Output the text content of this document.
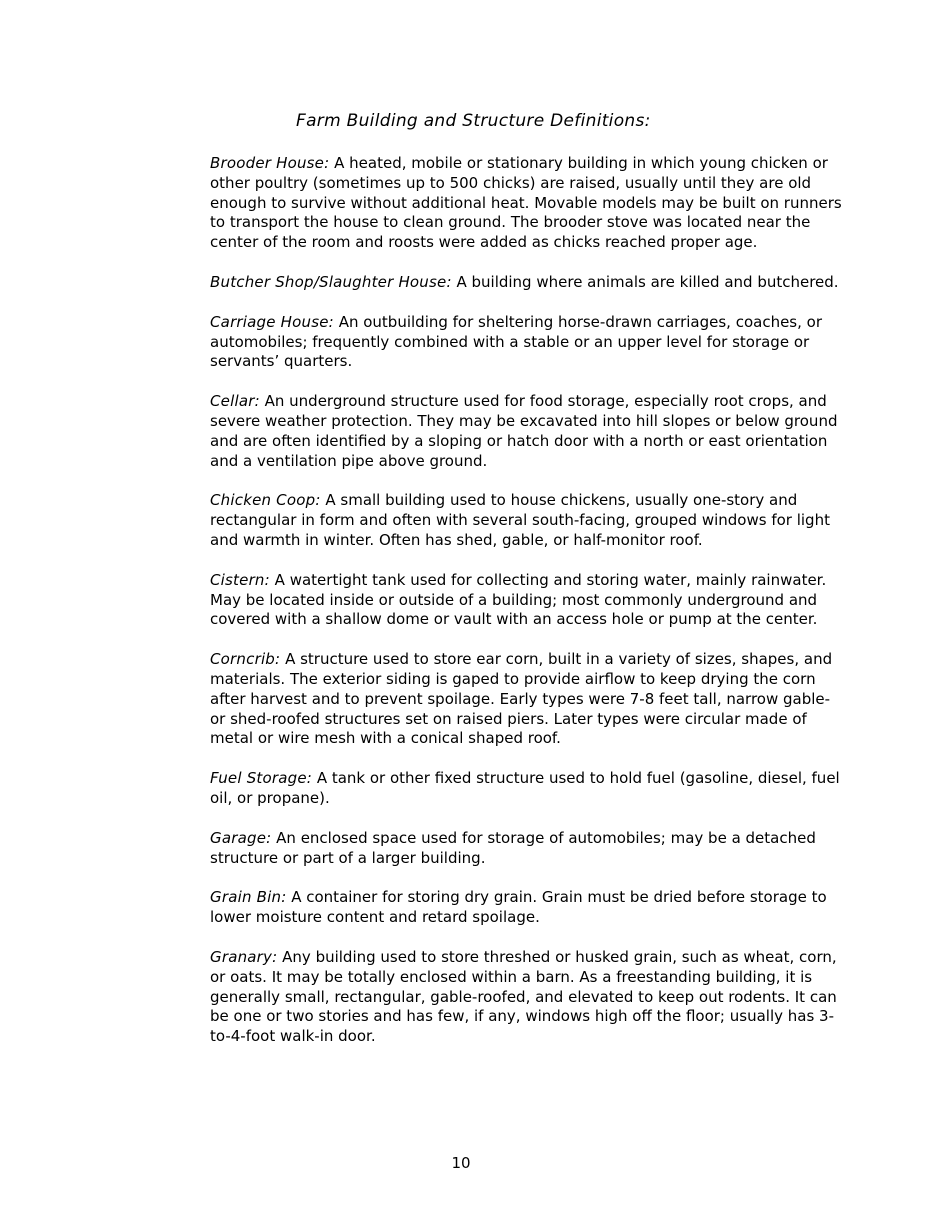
Farm Building and Structure Definitions:

Brooder House: A heated, mobile or stationary building in which young chicken or other poultry (sometimes up to 500 chicks) are raised, usually until they are old enough to survive without additional heat. Movable models may be built on runners to transport the house to clean ground. The brooder stove was located near the center of the room and roosts were added as chicks reached proper age.

Butcher Shop/Slaughter House: A building where animals are killed and butchered.

Carriage House: An outbuilding for sheltering horse-drawn carriages, coaches, or automobiles; frequently combined with a stable or an upper level for storage or servants’ quarters.

Cellar: An underground structure used for food storage, especially root crops, and severe weather protection. They may be excavated into hill slopes or below ground and are often identified by a sloping or hatch door with a north or east orientation and a ventilation pipe above ground.

Chicken Coop: A small building used to house chickens, usually one-story and rectangular in form and often with several south-facing, grouped windows for light and warmth in winter. Often has shed, gable, or half-monitor roof.

Cistern: A watertight tank used for collecting and storing water, mainly rainwater. May be located inside or outside of a building; most commonly underground and covered with a shallow dome or vault with an access hole or pump at the center.

Corncrib: A structure used to store ear corn, built in a variety of sizes, shapes, and materials. The exterior siding is gaped to provide airflow to keep drying the corn after harvest and to prevent spoilage. Early types were 7-8 feet tall, narrow gable- or shed-roofed structures set on raised piers. Later types were circular made of metal or wire mesh with a conical shaped roof.

Fuel Storage: A tank or other fixed structure used to hold fuel (gasoline, diesel, fuel oil, or propane).

Garage: An enclosed space used for storage of automobiles; may be a detached structure or part of a larger building.

Grain Bin: A container for storing dry grain. Grain must be dried before storage to lower moisture content and retard spoilage.

Granary: Any building used to store threshed or husked grain, such as wheat, corn, or oats. It may be totally enclosed within a barn. As a freestanding building, it is generally small, rectangular, gable-roofed, and elevated to keep out rodents. It can be one or two stories and has few, if any, windows high off the floor; usually has 3-to-4-foot walk-in door.

10
